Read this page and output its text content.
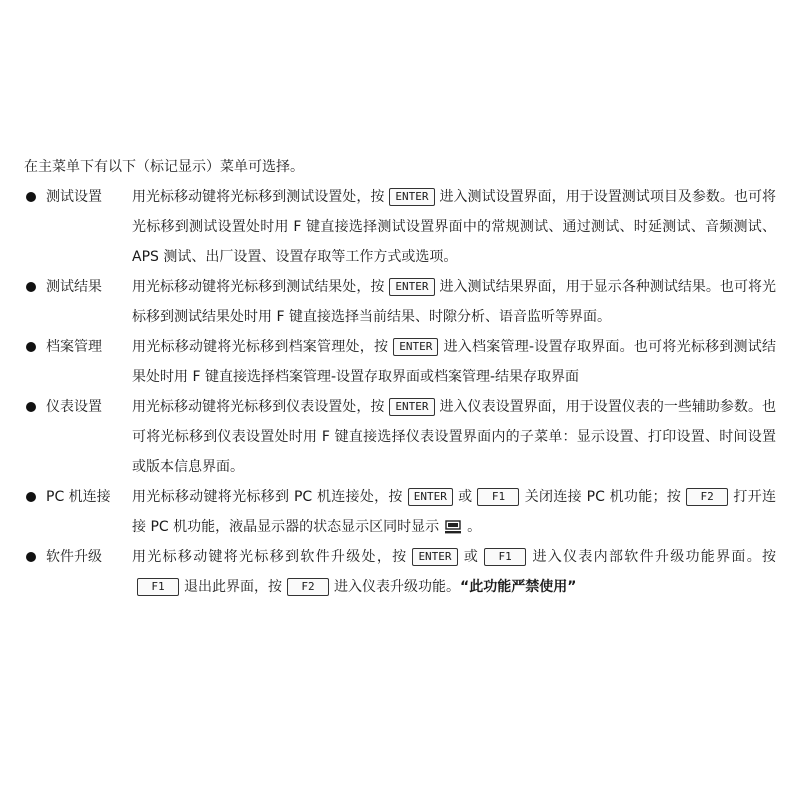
在主菜单下有以下（标记显示）菜单可选择。

测试设置 用光标移动键将光标移到测试设置处，按 ENTER 进入测试设置界面，用于设置测试项目及参数。也可将光标移到测试设置处时用 F 键直接选择测试设置界面中的常规测试、通过测试、时延测试、音频测试、APS 测试、出厂设置、设置存取等工作方式或选项。

测试结果 用光标移动键将光标移到测试结果处，按 ENTER 进入测试结果界面，用于显示各种测试结果。也可将光标移到测试结果处时用 F 键直接选择当前结果、时隙分析、语音监听等界面。

档案管理 用光标移动键将光标移到档案管理处，按 ENTER 进入档案管理-设置存取界面。也可将光标移到测试结果处时用 F 键直接选择档案管理-设置存取界面或档案管理-结果存取界面

仪表设置 用光标移动键将光标移到仪表设置处，按 ENTER 进入仪表设置界面，用于设置仪表的一些辅助参数。也可将光标移到仪表设置处时用 F 键直接选择仪表设置界面内的子菜单：显示设置、打印设置、时间设置或版本信息界面。

PC 机连接 用光标移动键将光标移到 PC 机连接处，按 ENTER 或 F1 关闭连接 PC 机功能；按 F2 打开连接 PC 机功能，液晶显示器的状态显示区同时显示 。

软件升级 用光标移动键将光标移到软件升级处，按 ENTER 或 F1 进入仪表内部软件升级功能界面。按F1 退出此界面，按 F2 进入仪表升级功能。“此功能严禁使用”
